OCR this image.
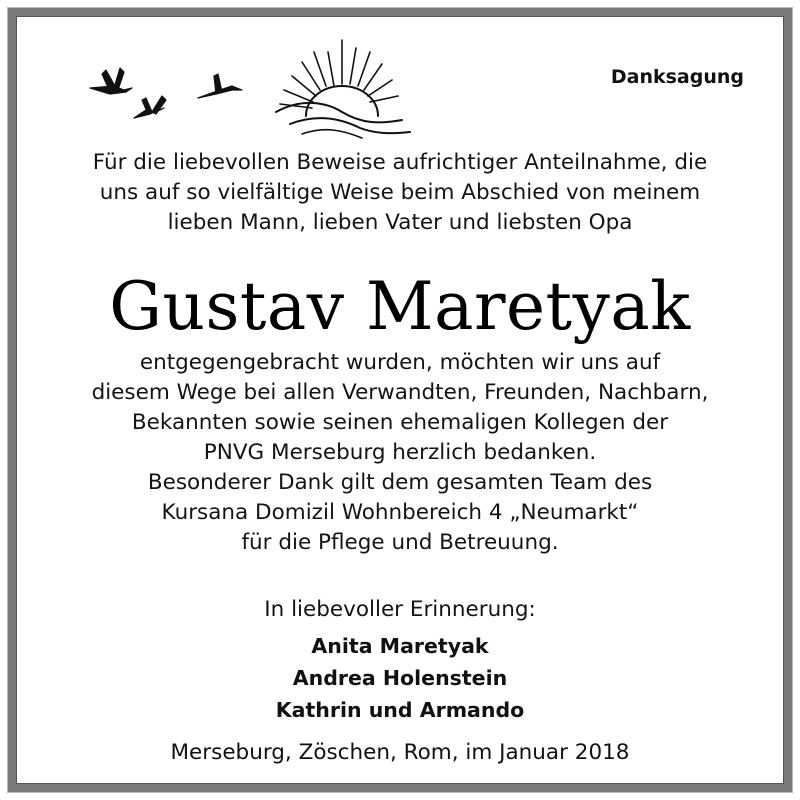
Danksagung
Für die liebevollen Beweise aufrichtiger Anteilnahme, die
uns auf so vielfältige Weise beim Abschied von meinem
lieben Mann, lieben Vater und liebsten Opa
Gustav Maretyak
entgegengebracht wurden, möchten wir uns auf
diesem Wege bei allen Verwandten, Freunden, Nachbarn,
Bekannten sowie seinen ehemaligen Kollegen der
PNVG Merseburg herzlich bedanken.
Besonderer Dank gilt dem gesamten Team des
Kursana Domizil Wohnbereich 4 „Neumarkt“
für die Pflege und Betreuung.
In liebevoller Erinnerung:
Anita Maretyak
Andrea Holenstein
Kathrin und Armando
Merseburg, Zöschen, Rom, im Januar 2018
